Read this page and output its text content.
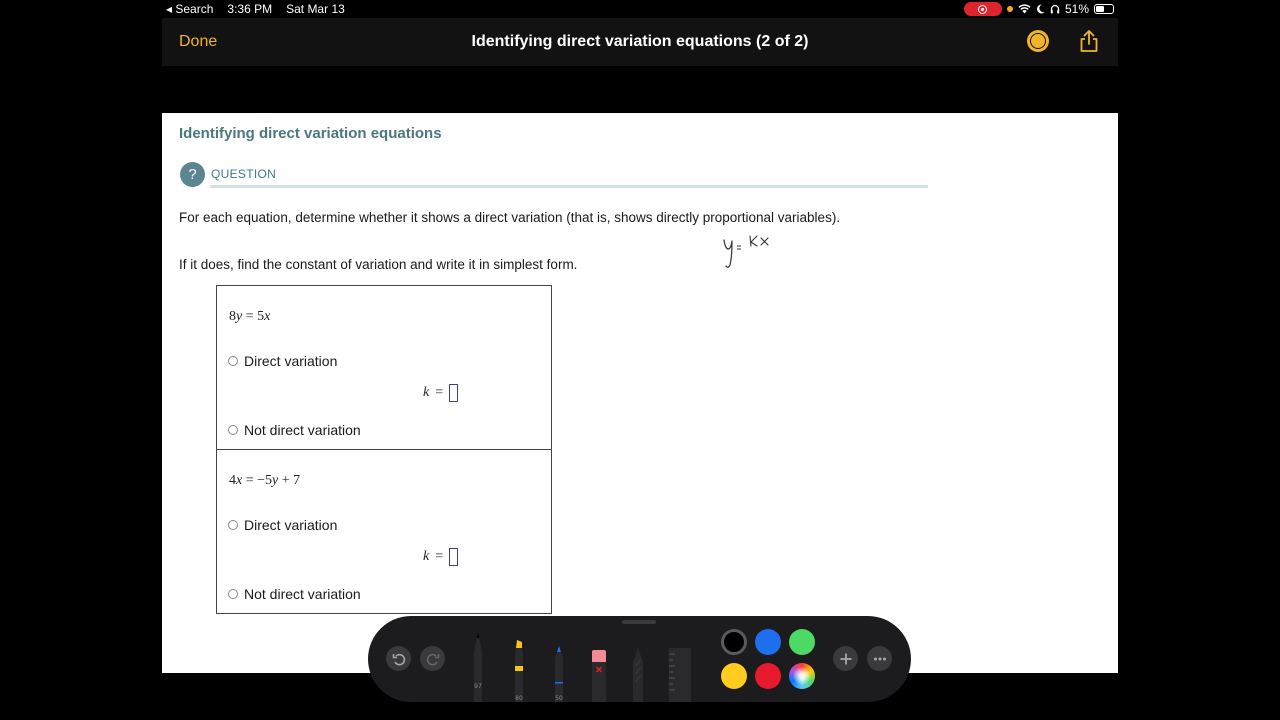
◂ Search 3:36 PM Sat Mar 13	51%
Done	Identifying direct variation equations (2 of 2)
Identifying direct variation equations
?	QUESTION
For each equation, determine whether it shows a direct variation (that is, shows directly proportional variables).
If it does, find the constant of variation and write it in simplest form.
8y = 5x
Direct variation
k =
Not direct variation
4x = −5y + 7
Direct variation
k =
Not direct variation
97
80	50
